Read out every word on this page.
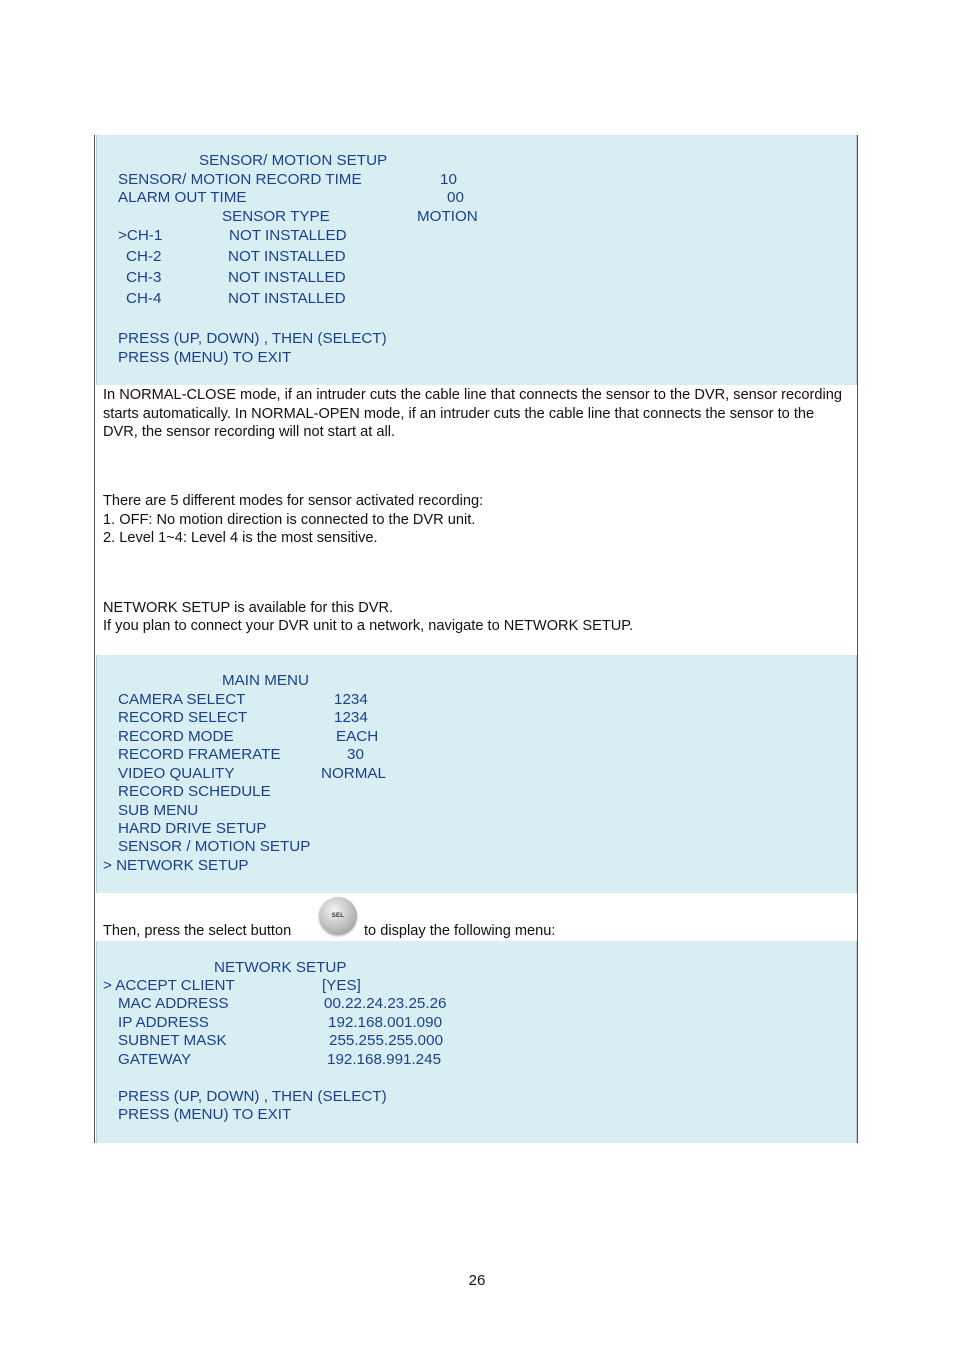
SENSOR/ MOTION SETUP
SENSOR/ MOTION RECORD TIME	10
ALARM OUT TIME	00
SENSOR TYPE	MOTION
>CH-1	NOT INSTALLED
CH-2	NOT INSTALLED
CH-3	NOT INSTALLED
CH-4	NOT INSTALLED
PRESS (UP, DOWN) , THEN (SELECT)
PRESS (MENU) TO EXIT

In NORMAL-CLOSE mode, if an intruder cuts the cable line that connects the sensor to the DVR, sensor recording starts automatically. In NORMAL-OPEN mode, if an intruder cuts the cable line that connects the sensor to the DVR, the sensor recording will not start at all.

There are 5 different modes for sensor activated recording:

1. OFF: No motion direction is connected to the DVR unit.

2. Level 1~4: Level 4 is the most sensitive.

NETWORK SETUP is available for this DVR.

If you plan to connect your DVR unit to a network, navigate to NETWORK SETUP.

MAIN MENU
CAMERA SELECT	1234
RECORD SELECT	1234
RECORD MODE	EACH
RECORD FRAMERATE	30
VIDEO QUALITY	NORMAL
RECORD SCHEDULE
SUB MENU
HARD DRIVE SETUP
SENSOR / MOTION SETUP
> NETWORK SETUP
Then, press the select button
SEL
to display the following menu:
NETWORK SETUP
> ACCEPT CLIENT	[YES]
MAC ADDRESS	00.22.24.23.25.26
IP ADDRESS	192.168.001.090
SUBNET MASK	255.255.255.000
GATEWAY	192.168.991.245
PRESS (UP, DOWN) , THEN (SELECT)
PRESS (MENU) TO EXIT
26
